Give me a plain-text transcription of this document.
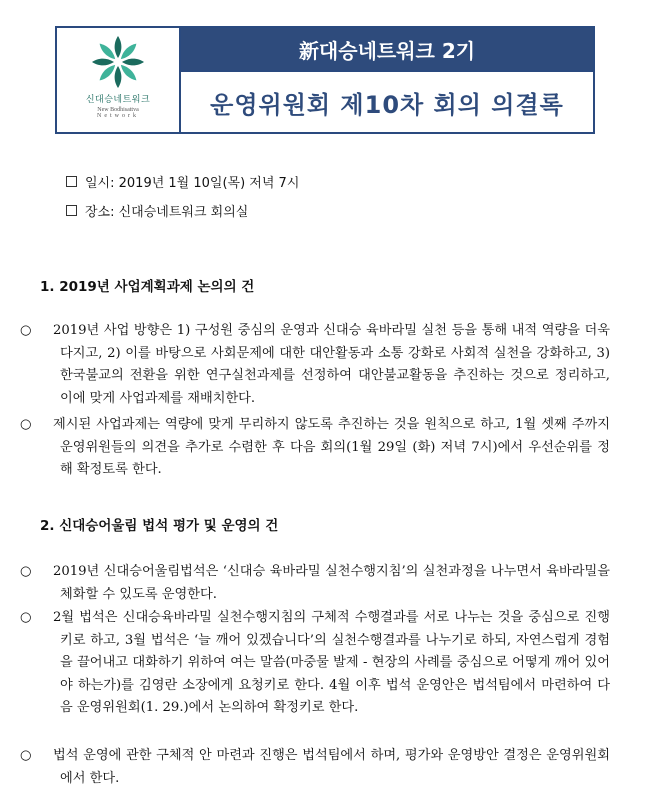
신대승네트워크
New Bodhisattva
Network
新대승네트워크 2기
운영위원회 제10차 회의 의결록
일시: 2019년 1월 10일(목) 저녁 7시
장소: 신대승네트워크 회의실
1. 2019년 사업계획과제 논의의 건
○ 2019년 사업 방향은 1) 구성원 중심의 운영과 신대승 육바라밀 실천 등을 통해 내적 역량을 더욱 다지고, 2) 이를 바탕으로 사회문제에 대한 대안활동과 소통 강화로 사회적 실천을 강화하고, 3) 한국불교의 전환을 위한 연구실천과제를 선정하여 대안불교활동을 추진하는 것으로 정리하고, 이에 맞게 사업과제를 재배치한다.
○ 제시된 사업과제는 역량에 맞게 무리하지 않도록 추진하는 것을 원칙으로 하고, 1월 셋째 주까지 운영위원들의 의견을 추가로 수렴한 후 다음 회의(1월 29일 (화) 저녁 7시)에서 우선순위를 정해 확정토록 한다.
2. 신대승어울림 법석 평가 및 운영의 건
○ 2019년 신대승어울림법석은 ‘신대승 육바라밀 실천수행지침’의 실천과정을 나누면서 육바라밀을 체화할 수 있도록 운영한다.
○ 2월 법석은 신대승육바라밀 실천수행지침의 구체적 수행결과를 서로 나누는 것을 중심으로 진행키로 하고, 3월 법석은 ‘늘 깨어 있겠습니다’의 실천수행결과를 나누기로 하되, 자연스럽게 경험을 끌어내고 대화하기 위하여 여는 말씀(마중물 발제 - 현장의 사례를 중심으로 어떻게 깨어 있어야 하는가)를 김영란 소장에게 요청키로 한다. 4월 이후 법석 운영안은 법석팀에서 마련하여 다음 운영위원회(1. 29.)에서 논의하여 확정키로 한다.
○ 법석 운영에 관한 구체적 안 마련과 진행은 법석팀에서 하며, 평가와 운영방안 결정은 운영위원회에서 한다.
